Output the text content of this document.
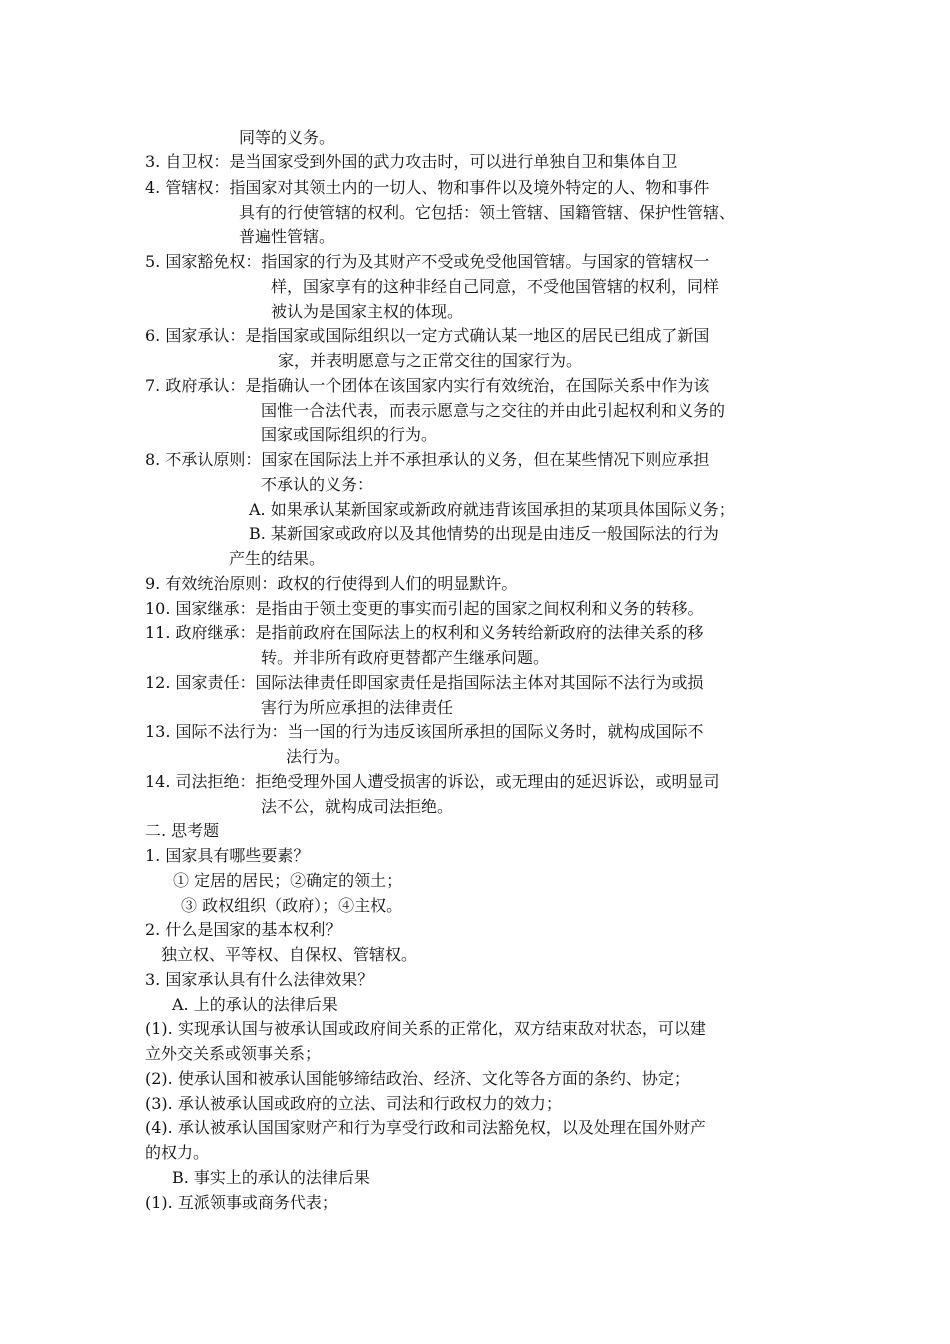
同等的义务。
3. 自卫权：是当国家受到外国的武力攻击时，可以进行单独自卫和集体自卫
4. 管辖权：指国家对其领土内的一切人、物和事件以及境外特定的人、物和事件
具有的行使管辖的权利。它包括：领土管辖、国籍管辖、保护性管辖、
普遍性管辖。
5. 国家豁免权：指国家的行为及其财产不受或免受他国管辖。与国家的管辖权一
样，国家享有的这种非经自己同意，不受他国管辖的权利，同样
被认为是国家主权的体现。
6. 国家承认：是指国家或国际组织以一定方式确认某一地区的居民已组成了新国
家，并表明愿意与之正常交往的国家行为。
7. 政府承认：是指确认一个团体在该国家内实行有效统治，在国际关系中作为该
国惟一合法代表，而表示愿意与之交往的并由此引起权利和义务的
国家或国际组织的行为。
8. 不承认原则：国家在国际法上并不承担承认的义务，但在某些情况下则应承担
不承认的义务：
A. 如果承认某新国家或新政府就违背该国承担的某项具体国际义务；
B. 某新国家或政府以及其他情势的出现是由违反一般国际法的行为
产生的结果。
9. 有效统治原则：政权的行使得到人们的明显默许。
10. 国家继承：是指由于领土变更的事实而引起的国家之间权利和义务的转移。
11. 政府继承：是指前政府在国际法上的权利和义务转给新政府的法律关系的移
转。并非所有政府更替都产生继承问题。
12. 国家责任：国际法律责任即国家责任是指国际法主体对其国际不法行为或损
害行为所应承担的法律责任
13. 国际不法行为：当一国的行为违反该国所承担的国际义务时，就构成国际不
法行为。
14. 司法拒绝：拒绝受理外国人遭受损害的诉讼，或无理由的延迟诉讼，或明显司
法不公，就构成司法拒绝。
二. 思考题
1. 国家具有哪些要素？
① 定居的居民；②确定的领土；
③ 政权组织（政府）；④主权。
2. 什么是国家的基本权利？
独立权、平等权、自保权、管辖权。
3. 国家承认具有什么法律效果？
A. 上的承认的法律后果
(1). 实现承认国与被承认国或政府间关系的正常化，双方结束敌对状态，可以建
立外交关系或领事关系；
(2). 使承认国和被承认国能够缔结政治、经济、文化等各方面的条约、协定；
(3). 承认被承认国或政府的立法、司法和行政权力的效力；
(4). 承认被承认国国家财产和行为享受行政和司法豁免权，以及处理在国外财产
的权力。
B. 事实上的承认的法律后果
(1). 互派领事或商务代表；
